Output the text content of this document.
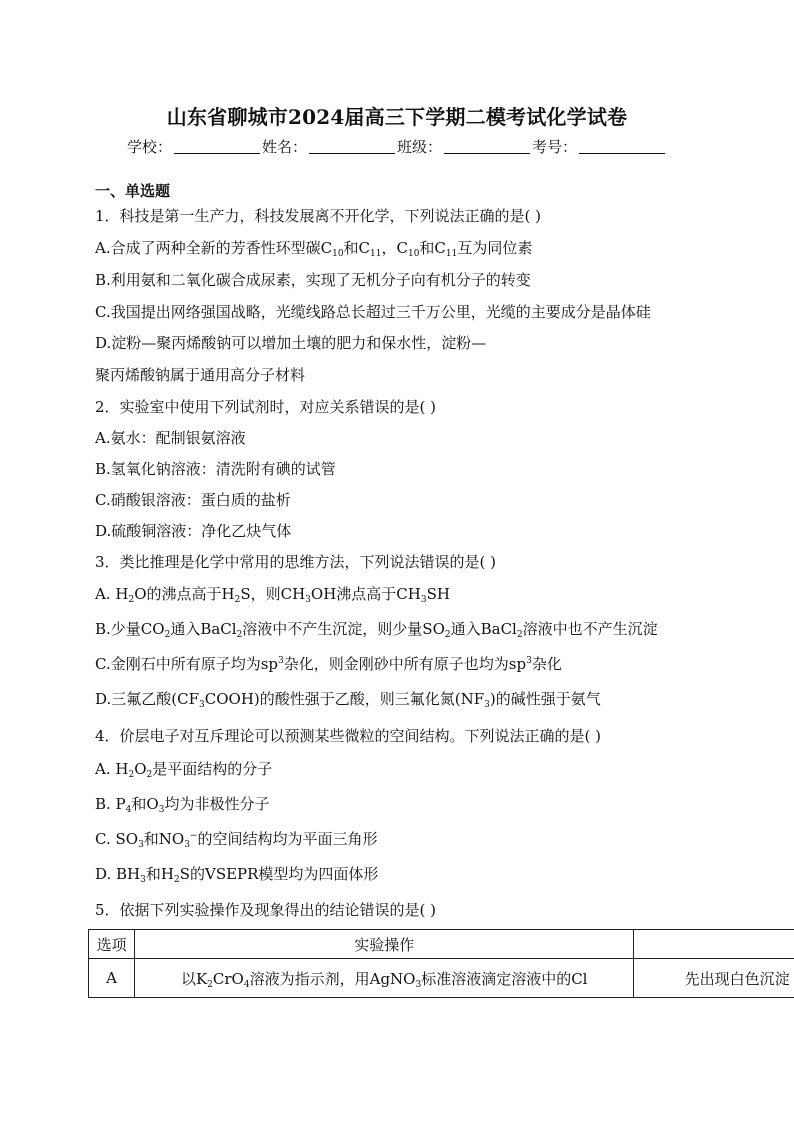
山东省聊城市2024届高三下学期二模考试化学试卷
学校：	姓名：	班级：	考号：
一、单选题
1．科技是第一生产力，科技发展离不开化学，下列说法正确的是( )
A.合成了两种全新的芳香性环型碳$C_{10}$和$C_{11}$，$C_{10}$和$C_{11}$互为同位素
B.利用氨和二氧化碳合成尿素，实现了无机分子向有机分子的转变
C.我国提出网络强国战略，光缆线路总长超过三千万公里，光缆的主要成分是晶体硅
D.淀粉—聚丙烯酸钠可以增加土壤的肥力和保水性，淀粉—
聚丙烯酸钠属于通用高分子材料
2．实验室中使用下列试剂时，对应关系错误的是( )
A.氨水：配制银氨溶液
B.氢氧化钠溶液：清洗附有碘的试管
C.硝酸银溶液：蛋白质的盐析
D.硫酸铜溶液：净化乙炔气体
3．类比推理是化学中常用的思维方法，下列说法错误的是( )
A. $H_2O$的沸点高于$H_2S$，则$CH_3OH$沸点高于$CH_3SH$
B.少量$CO_2$通入BaCl$_2$溶液中不产生沉淀，则少量$SO_2$通入BaCl$_2$溶液中也不产生沉淀
C.金刚石中所有原子均为$sp^3$杂化，则金刚砂中所有原子也均为$sp^3$杂化
D.三氟乙酸$(CF_3COOH)$的酸性强于乙酸，则三氟化氮$(NF_3)$的碱性强于氨气
4．价层电子对互斥理论可以预测某些微粒的空间结构。下列说法正确的是( )
A. $H_2O_2$是平面结构的分子
B. $P_4$和$O_3$均为非极性分子
C. $SO_3$和$NO_3^-$的空间结构均为平面三角形
D. $BH_3$和$H_2S$的VSEPR模型均为四面体形
5．依据下列实验操作及现象得出的结论错误的是( )
选项	实验操作	
A	以$K_2CrO_4$溶液为指示剂，用AgNO$_3$标准溶液滴定溶液中的Cl	先出现白色沉淀
